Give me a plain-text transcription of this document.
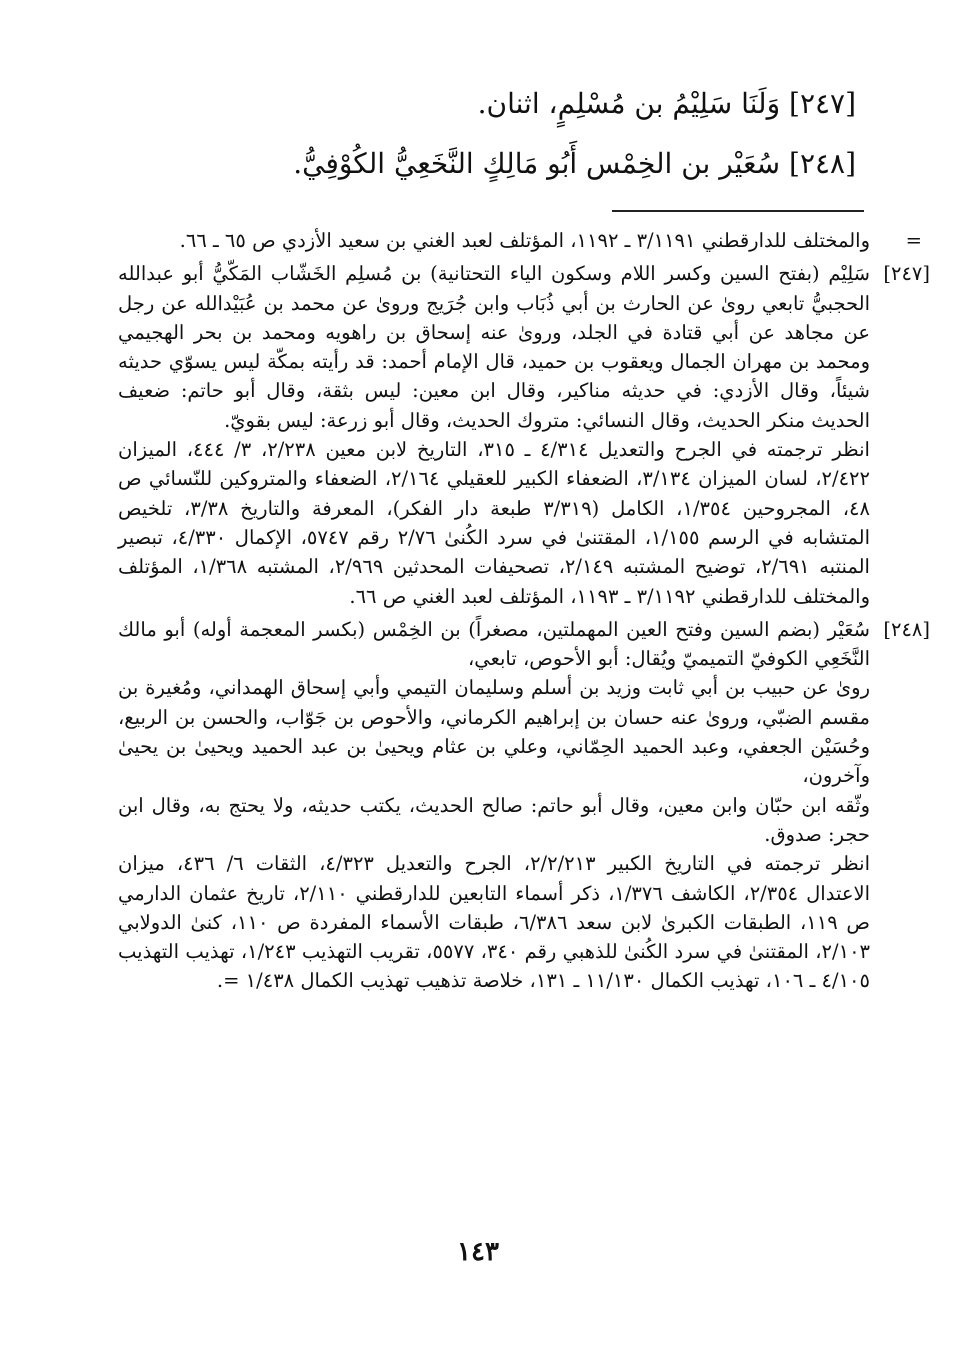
[٢٤٧] وَلَنَا سَلِيْمُ بن مُسْلِمٍ، اثنان.
[٢٤٨] سُعَيْر بن الخِمْس أَبُو مَالِكٍ النَّخَعِيُّ الكُوْفِيُّ.
=

والمختلف للدارقطني ٣/١١٩١ ـ ١١٩٢، المؤتلف لعبد الغني بن سعيد الأزدي ص ٦٥ ـ ٦٦.

[٢٤٧]

سَلِيْم (بفتح السين وكسر اللام وسكون الياء التحتانية) بن مُسلِم الخَشّاب المَكّيُّ أبو عبدالله الحجبيُّ تابعي روىٰ عن الحارث بن أبي ذُبَاب وابن جُرَيج وروىٰ عن محمد بن عُبَيْدالله عن رجل عن مجاهد عن أبي قتادة في الجلد، وروىٰ عنه إسحاق بن راهويه ومحمد بن بحر الهجيمي ومحمد بن مهران الجمال ويعقوب بن حميد، قال الإمام أحمد: قد رأيته بمكّة ليس يسوّي حديثه شيئاً، وقال الأزدي: في حديثه مناكير، وقال ابن معين: ليس بثقة، وقال أبو حاتم: ضعيف الحديث منكر الحديث، وقال النسائي: متروك الحديث، وقال أبو زرعة: ليس بقويّ.

انظر ترجمته في الجرح والتعديل ٤/٣١٤ ـ ٣١٥، التاريخ لابن معين ٢/٢٣٨، ٣/ ٤٤٤، الميزان ٢/٤٢٢، لسان الميزان ٣/١٣٤، الضعفاء الكبير للعقيلي ٢/١٦٤، الضعفاء والمتروكين للنّسائي ص ٤٨، المجروحين ١/٣٥٤، الكامل (٣/٣١٩ طبعة دار الفكر)، المعرفة والتاريخ ٣/٣٨، تلخيص المتشابه في الرسم ١/١٥٥، المقتنىٰ في سرد الكُنىٰ ٢/٧٦ رقم ٥٧٤٧، الإكمال ٤/٣٣٠، تبصير المنتبه ٢/٦٩١، توضيح المشتبه ٢/١٤٩، تصحيفات المحدثين ٢/٩٦٩، المشتبه ١/٣٦٨، المؤتلف والمختلف للدارقطني ٣/١١٩٢ ـ ١١٩٣، المؤتلف لعبد الغني ص ٦٦.

[٢٤٨]

سُعَيْر (بضم السين وفتح العين المهملتين، مصغراً) بن الخِمْس (بكسر المعجمة أوله) أبو مالك النَّخَعِي الكوفيّ التميميّ ويُقال: أبو الأحوص، تابعي،

روىٰ عن حبيب بن أبي ثابت وزيد بن أسلم وسليمان التيمي وأبي إسحاق الهمداني، ومُغيرة بن مقسم الضبّي، وروىٰ عنه حسان بن إبراهيم الكرماني، والأحوص بن جَوّاب، والحسن بن الربيع، وحُسَيْن الجعفي، وعبد الحميد الحِمّاني، وعلي بن عثام ويحيىٰ بن عبد الحميد ويحيىٰ بن يحيىٰ وآخرون،

وثّقه ابن حبّان وابن معين، وقال أبو حاتم: صالح الحديث، يكتب حديثه، ولا يحتج به، وقال ابن حجر: صدوق.

انظر ترجمته في التاريخ الكبير ٢/٢/٢١٣، الجرح والتعديل ٤/٣٢٣، الثقات ٦/ ٤٣٦، ميزان الاعتدال ٢/٣٥٤، الكاشف ١/٣٧٦، ذكر أسماء التابعين للدارقطني ٢/١١٠، تاريخ عثمان الدارمي ص ١١٩، الطبقات الكبرىٰ لابن سعد ٦/٣٨٦، طبقات الأسماء المفردة ص ١١٠، كنىٰ الدولابي ٢/١٠٣، المقتنىٰ في سرد الكُنىٰ للذهبي رقم ٣٤٠، ٥٥٧٧، تقريب التهذيب ١/٢٤٣، تهذيب التهذيب ٤/١٠٥ ـ ١٠٦، تهذيب الكمال ١١/١٣٠ ـ ١٣١، خلاصة تذهيب تهذيب الكمال ١/٤٣٨ =.

١٤٣
